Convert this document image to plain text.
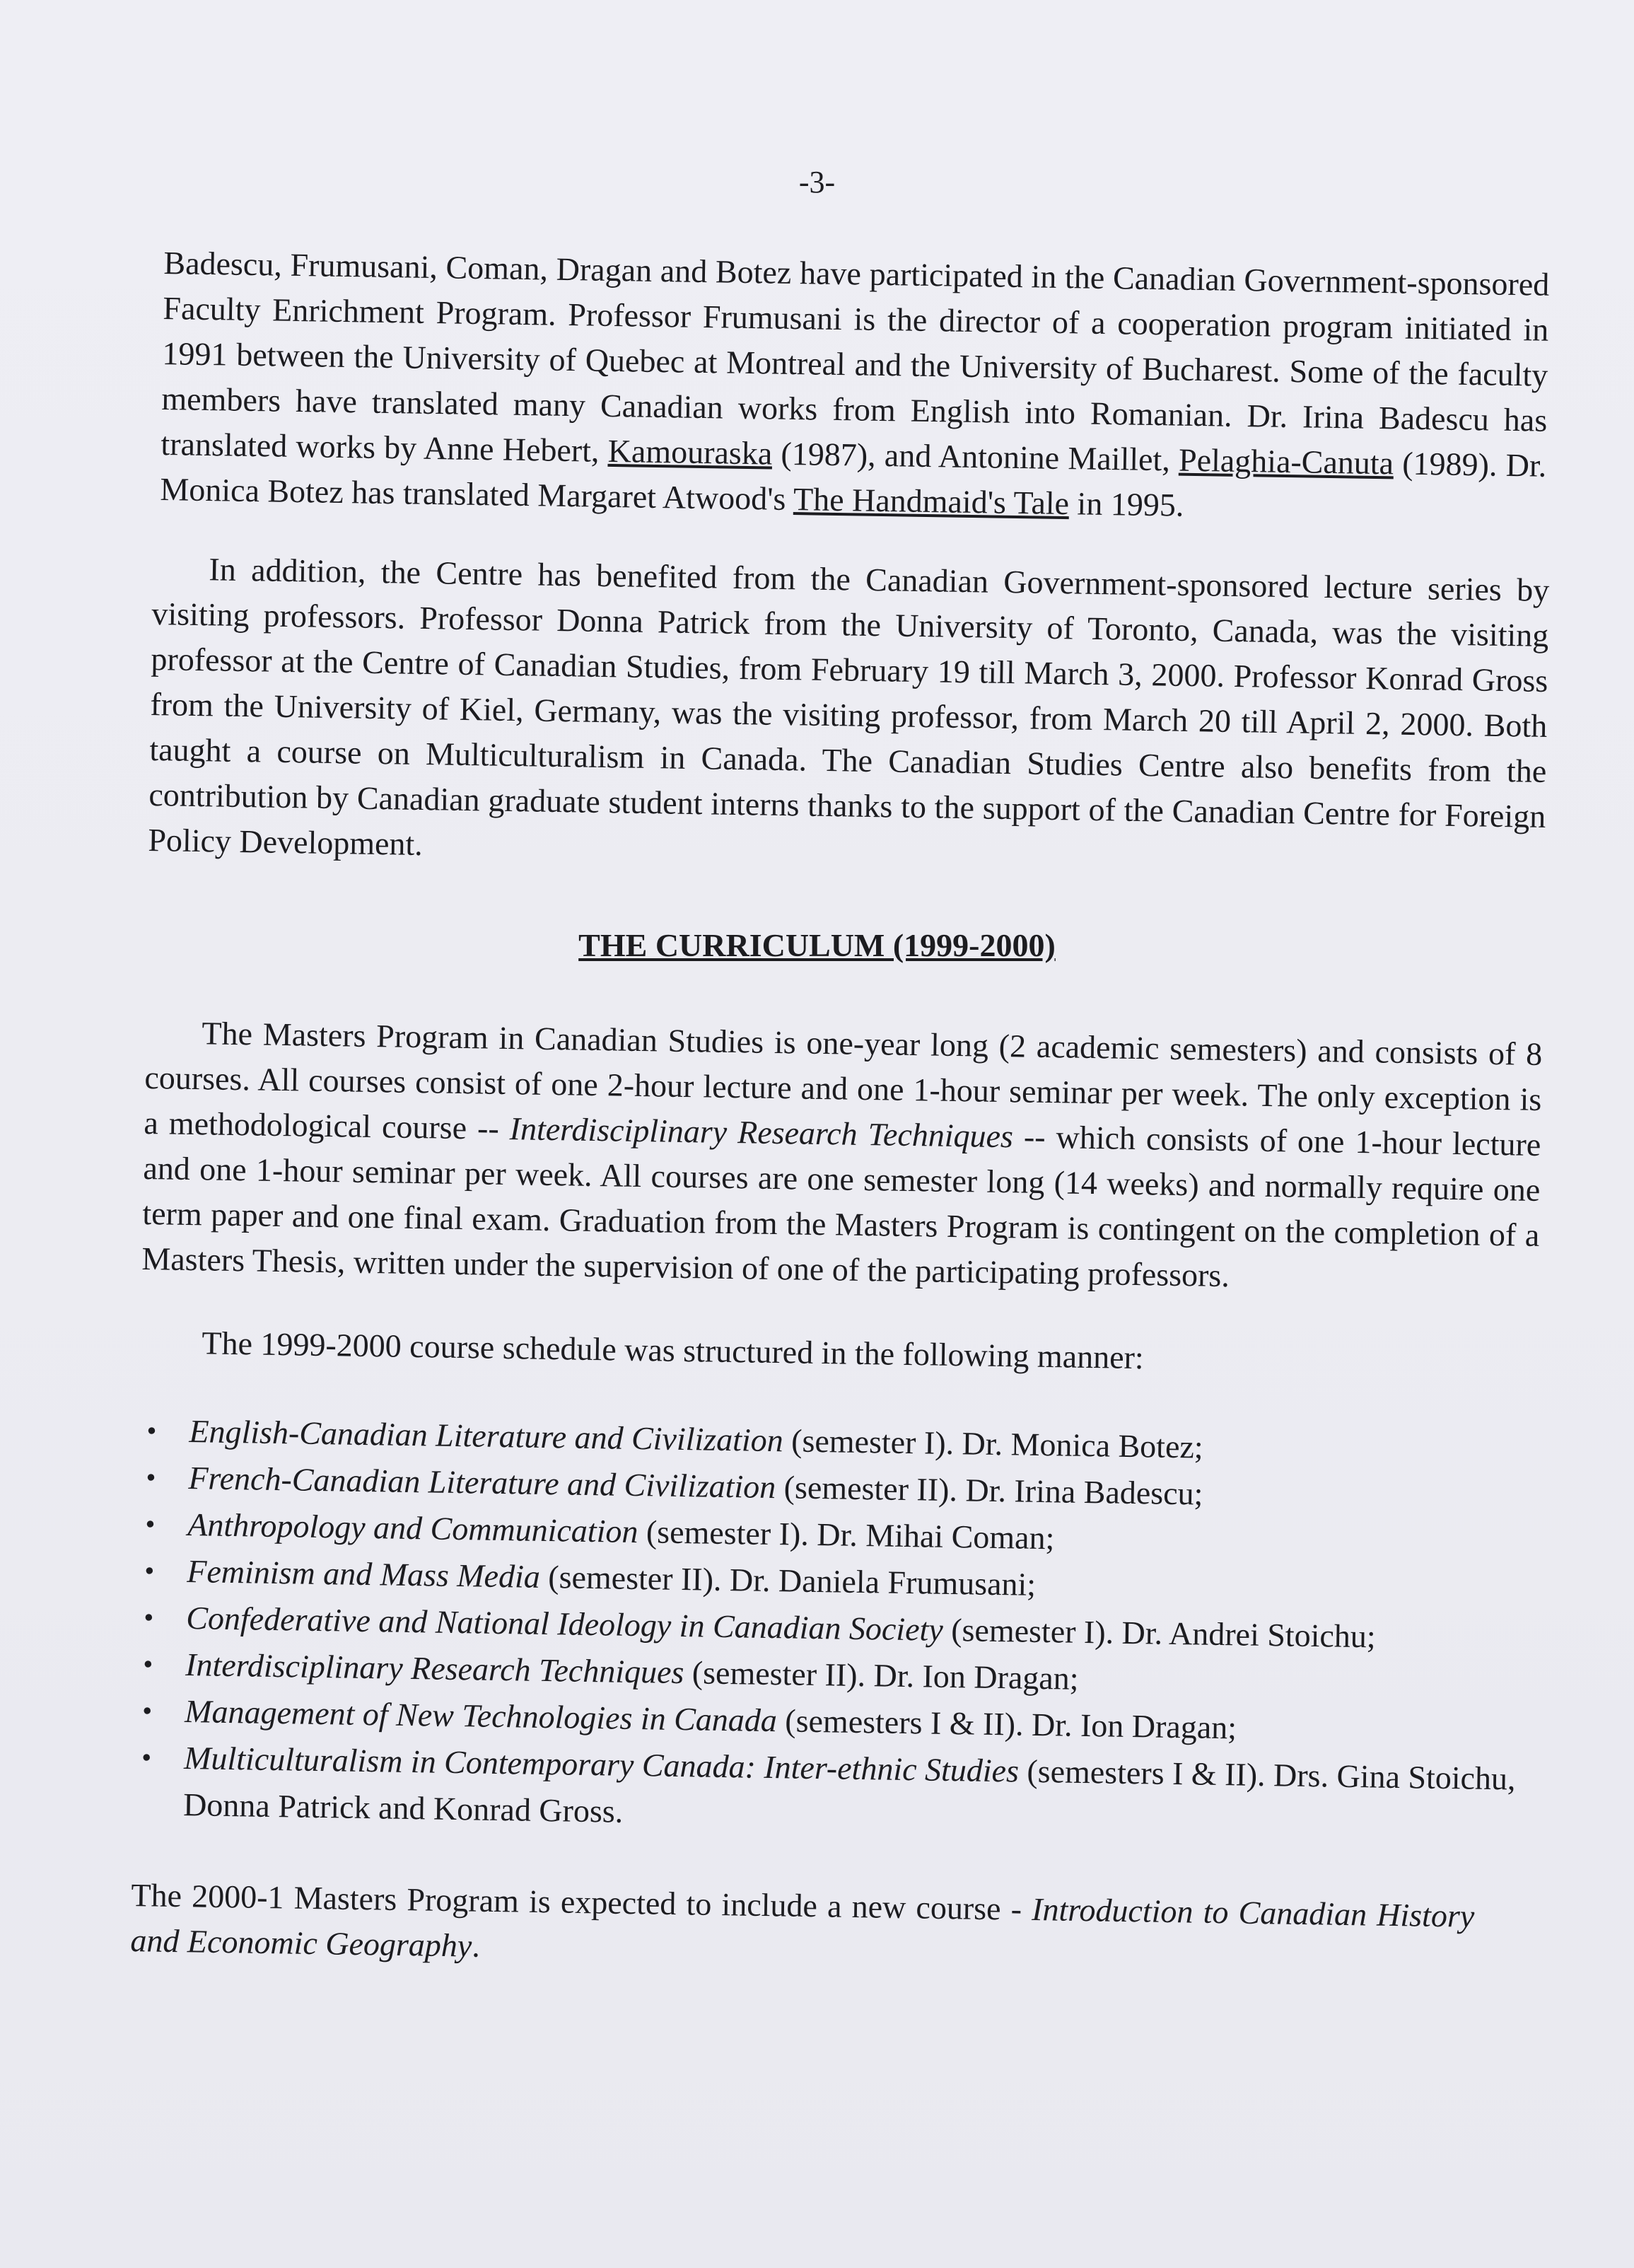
-3-

Badescu, Frumusani, Coman, Dragan and Botez have participated in the Canadian Government-sponsored Faculty Enrichment Program. Professor Frumusani is the director of a cooperation program initiated in 1991 between the University of Quebec at Montreal and the University of Bucharest. Some of the faculty members have translated many Canadian works from English into Romanian. Dr. Irina Badescu has translated works by Anne Hebert, Kamouraska (1987), and Antonine Maillet, Pelaghia-Canuta (1989). Dr. Monica Botez has translated Margaret Atwood's The Handmaid's Tale in 1995.

In addition, the Centre has benefited from the Canadian Government-sponsored lecture series by visiting professors. Professor Donna Patrick from the University of Toronto, Canada, was the visiting professor at the Centre of Canadian Studies, from February 19 till March 3, 2000. Professor Konrad Gross from the University of Kiel, Germany, was the visiting professor, from March 20 till April 2, 2000. Both taught a course on Multiculturalism in Canada. The Canadian Studies Centre also benefits from the contribution by Canadian graduate student interns thanks to the support of the Canadian Centre for Foreign Policy Development.

THE CURRICULUM (1999-2000)

The Masters Program in Canadian Studies is one-year long (2 academic semesters) and consists of 8 courses. All courses consist of one 2-hour lecture and one 1-hour seminar per week. The only exception is a methodological course -- Interdisciplinary Research Techniques -- which consists of one 1-hour lecture and one 1-hour seminar per week. All courses are one semester long (14 weeks) and normally require one term paper and one final exam. Graduation from the Masters Program is contingent on the completion of a Masters Thesis, written under the supervision of one of the participating professors.

The 1999-2000 course schedule was structured in the following manner:

• English-Canadian Literature and Civilization (semester I). Dr. Monica Botez;
• French-Canadian Literature and Civilization (semester II). Dr. Irina Badescu;
• Anthropology and Communication (semester I). Dr. Mihai Coman;
• Feminism and Mass Media (semester II). Dr. Daniela Frumusani;
• Confederative and National Ideology in Canadian Society (semester I). Dr. Andrei Stoichu;
• Interdisciplinary Research Techniques (semester II). Dr. Ion Dragan;
• Management of New Technologies in Canada (semesters I & II). Dr. Ion Dragan;
• Multiculturalism in Contemporary Canada: Inter-ethnic Studies (semesters I & II). Drs. Gina Stoichu, Donna Patrick and Konrad Gross.

The 2000-1 Masters Program is expected to include a new course - Introduction to Canadian History and Economic Geography.
